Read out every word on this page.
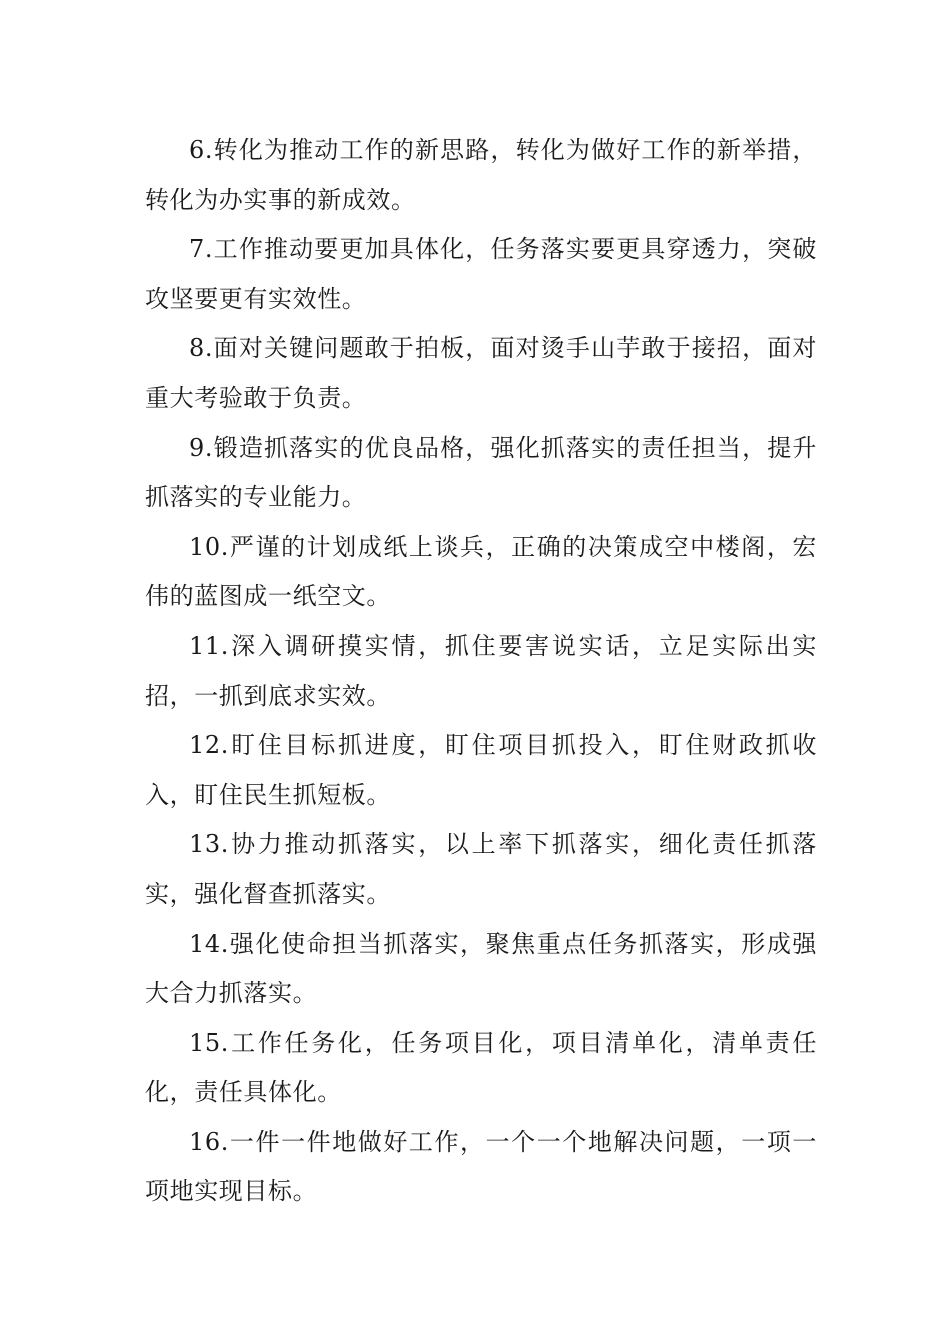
6.转化为推动工作的新思路，转化为做好工作的新举措，转化为办实事的新成效。

7.工作推动要更加具体化，任务落实要更具穿透力，突破攻坚要更有实效性。

8.面对关键问题敢于拍板，面对烫手山芋敢于接招，面对重大考验敢于负责。

9.锻造抓落实的优良品格，强化抓落实的责任担当，提升抓落实的专业能力。

10.严谨的计划成纸上谈兵，正确的决策成空中楼阁，宏伟的蓝图成一纸空文。

11.深入调研摸实情，抓住要害说实话，立足实际出实招，一抓到底求实效。

12.盯住目标抓进度，盯住项目抓投入，盯住财政抓收入，盯住民生抓短板。

13.协力推动抓落实，以上率下抓落实，细化责任抓落实，强化督查抓落实。

14.强化使命担当抓落实，聚焦重点任务抓落实，形成强大合力抓落实。

15.工作任务化，任务项目化，项目清单化，清单责任化，责任具体化。

16.一件一件地做好工作，一个一个地解决问题，一项一项地实现目标。
